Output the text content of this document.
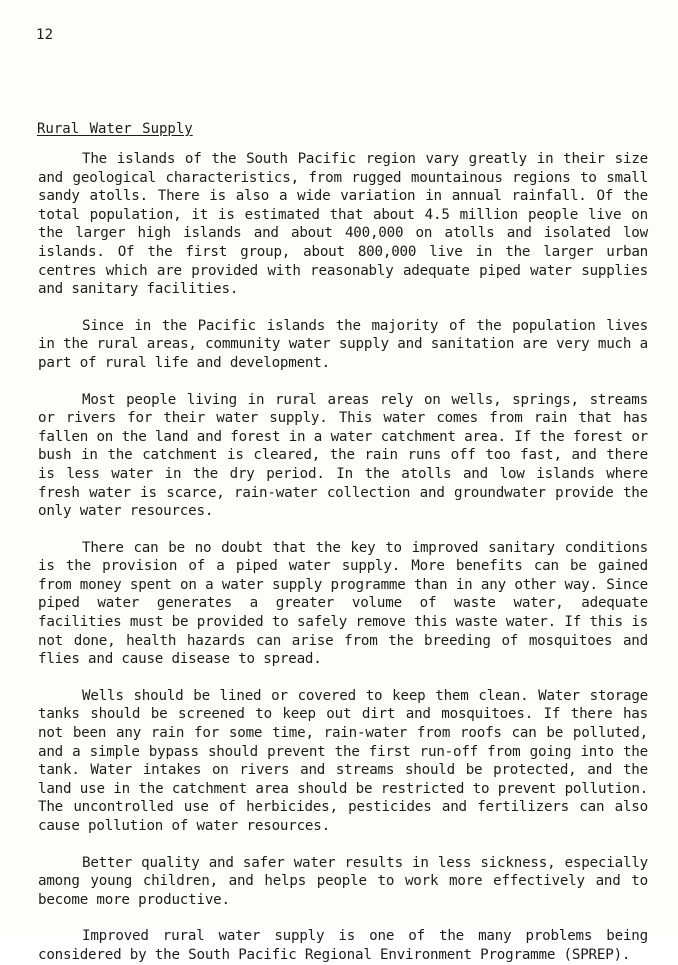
12
Rural Water Supply

The islands of the South Pacific region vary greatly in their size and geological characteristics, from rugged mountainous regions to small sandy atolls. There is also a wide variation in annual rainfall. Of the total population, it is estimated that about 4.5 million people live on the larger high islands and about 400,000 on atolls and isolated low islands. Of the first group, about 800,000 live in the larger urban centres which are provided with reasonably adequate piped water supplies and sanitary facilities.

Since in the Pacific islands the majority of the population lives in the rural areas, community water supply and sanitation are very much a part of rural life and development.

Most people living in rural areas rely on wells, springs, streams or rivers for their water supply. This water comes from rain that has fallen on the land and forest in a water catchment area. If the forest or bush in the catchment is cleared, the rain runs off too fast, and there is less water in the dry period. In the atolls and low islands where fresh water is scarce, rain-water collection and groundwater provide the only water resources.

There can be no doubt that the key to improved sanitary conditions is the provision of a piped water supply. More benefits can be gained from money spent on a water supply programme than in any other way. Since piped water generates a greater volume of waste water, adequate facilities must be provided to safely remove this waste water. If this is not done, health hazards can arise from the breeding of mosquitoes and flies and cause disease to spread.

Wells should be lined or covered to keep them clean. Water storage tanks should be screened to keep out dirt and mosquitoes. If there has not been any rain for some time, rain-water from roofs can be polluted, and a simple bypass should prevent the first run-off from going into the tank. Water intakes on rivers and streams should be protected, and the land use in the catchment area should be restricted to prevent pollution. The uncontrolled use of herbicides, pesticides and fertilizers can also cause pollution of water resources.

Better quality and safer water results in less sickness, especially among young children, and helps people to work more effectively and to become more productive.

Improved rural water supply is one of the many problems being considered by the South Pacific Regional Environment Programme (SPREP).
